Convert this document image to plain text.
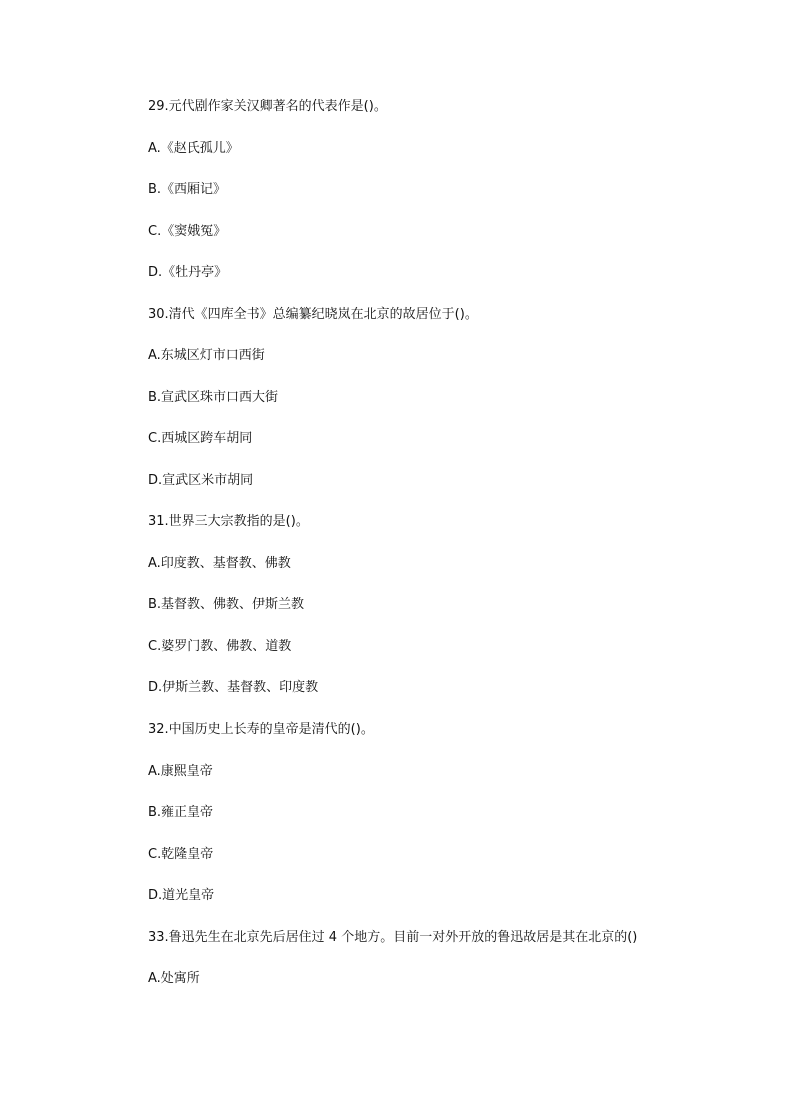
29.元代剧作家关汉卿著名的代表作是()。
A.《赵氏孤儿》
B.《西厢记》
C.《窦娥冤》
D.《牡丹亭》
30.清代《四库全书》总编纂纪晓岚在北京的故居位于()。
A.东城区灯市口西街
B.宣武区珠市口西大街
C.西城区跨车胡同
D.宣武区米市胡同
31.世界三大宗教指的是()。
A.印度教、基督教、佛教
B.基督教、佛教、伊斯兰教
C.婆罗门教、佛教、道教
D.伊斯兰教、基督教、印度教
32.中国历史上长寿的皇帝是清代的()。
A.康熙皇帝
B.雍正皇帝
C.乾隆皇帝
D.道光皇帝
33.鲁迅先生在北京先后居住过 4 个地方。目前一对外开放的鲁迅故居是其在北京的()
A.处寓所
